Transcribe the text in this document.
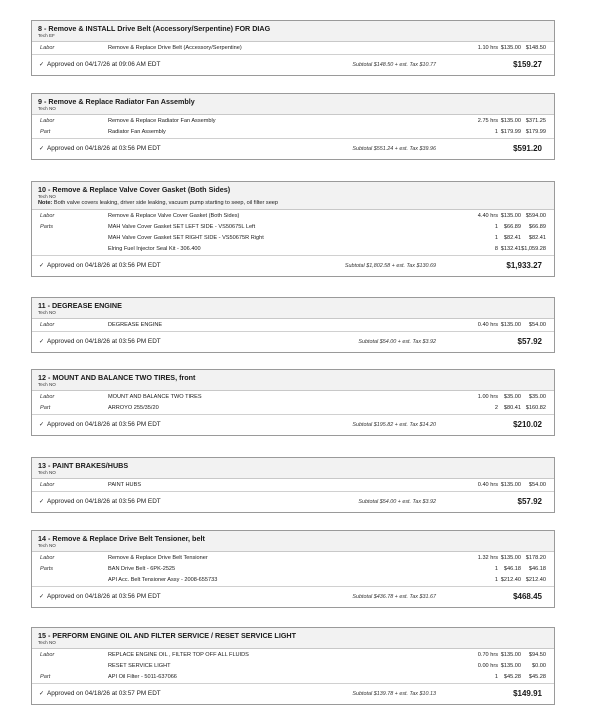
8 - Remove & INSTALL Drive Belt (Accessory/Serpentine) FOR DIAG
Tech EF
Labor	Remove & Replace Drive Belt (Accessory/Serpentine)	1.10 hrs $135.00 $148.50
✓ Approved on 04/17/26 at 09:06 AM EDT	Subtotal $148.50 + est. Tax $10.77	$159.27
9 - Remove & Replace Radiator Fan Assembly
Tech NO
Labor	Remove & Replace Radiator Fan Assembly	2.75 hrs $135.00 $371.25
Part	Radiator Fan Assembly	1 $179.99 $179.99
✓ Approved on 04/18/26 at 03:56 PM EDT	Subtotal $551.24 + est. Tax $39.96	$591.20
10 - Remove & Replace Valve Cover Gasket (Both Sides)
Tech NO
Note: Both valve covers leaking, driver side leaking, vacuum pump starting to seep, oil filter seep
Labor	Remove & Replace Valve Cover Gasket (Both Sides)	4.40 hrs $135.00 $594.00
Parts	MAH Valve Cover Gasket SET LEFT SIDE - VS50675L Left	1	$66.89	$66.89
MAH Valve Cover Gasket SET RIGHT SIDE - VS50675R Right	1	$82.41	$82.41
Elring Fuel Injector Seal Kit - 306.400	8 $132.41 $1,059.28
✓ Approved on 04/18/26 at 03:56 PM EDT	Subtotal $1,802.58 + est. Tax $130.69	$1,933.27
11 - DEGREASE ENGINE
Tech NO
Labor	DEGREASE ENGINE	0.40 hrs $135.00	$54.00
✓ Approved on 04/18/26 at 03:56 PM EDT	Subtotal $54.00 + est. Tax $3.92	$57.92
12 - MOUNT AND BALANCE TWO TIRES, front
Tech NO
Labor	MOUNT AND BALANCE TWO TIRES	1.00 hrs	$35.00	$35.00
Part	ARROYO 255/35/20	2	$80.41 $160.82
✓ Approved on 04/18/26 at 03:56 PM EDT	Subtotal $195.82 + est. Tax $14.20	$210.02
13 - PAINT BRAKES/HUBS
Tech NO
Labor	PAINT HUBS	0.40 hrs $135.00	$54.00
✓ Approved on 04/18/26 at 03:56 PM EDT	Subtotal $54.00 + est. Tax $3.92	$57.92
14 - Remove & Replace Drive Belt Tensioner, belt
Tech NO
Labor	Remove & Replace Drive Belt Tensioner	1.32 hrs $135.00 $178.20
Parts	BAN Drive Belt - 6PK-2525	1	$46.18	$46.18
API Acc. Belt Tensioner Assy - 2008-655733	1 $212.40 $212.40
✓ Approved on 04/18/26 at 03:56 PM EDT	Subtotal $436.78 + est. Tax $31.67	$468.45
15 - PERFORM ENGINE OIL AND FILTER SERVICE / RESET SERVICE LIGHT
Tech NO
Labor	REPLACE ENGINE OIL , FILTER TOP OFF ALL FLUIDS	0.70 hrs $135.00	$94.50
RESET SERVICE LIGHT	0.00 hrs $135.00	$0.00
Part	API Oil Filter - 5011-637066	1	$45.28	$45.28
✓ Approved on 04/18/26 at 03:57 PM EDT	Subtotal $139.78 + est. Tax $10.13	$149.91
